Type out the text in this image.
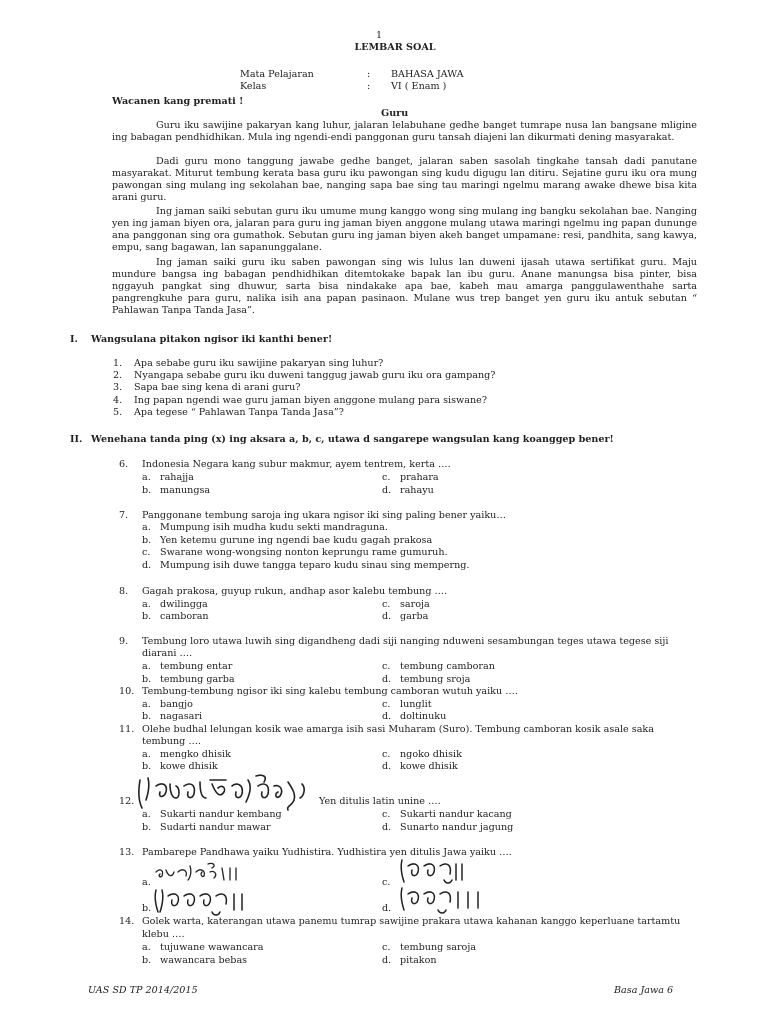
1
LEMBAR SOAL
Mata Pelajaran	: BAHASA JAWA
Kelas	: VI ( Enam )
Wacanen kang premati !
Guru
Guru iku sawijine pakaryan kang luhur, jalaran lelabuhane gedhe banget tumrape nusa lan bangsane mligine ing babagan pendhidhikan. Mula ing ngendi-endi panggonan guru tansah diajeni lan dikurmati dening masyarakat.
Dadi guru mono tanggung jawabe gedhe banget, jalaran saben sasolah tingkahe tansah dadi panutane masyarakat. Miturut tembung kerata basa guru iku pawongan sing kudu digugu lan ditiru. Sejatine guru iku ora mung pawongan sing mulang ing sekolahan bae, nanging sapa bae sing tau maringi ngelmu marang awake dhewe bisa kita arani guru.
Ing jaman saiki sebutan guru iku umume mung kanggo wong sing mulang ing bangku sekolahan bae. Nanging yen ing jaman biyen ora, jalaran para guru ing jaman biyen anggone mulang utawa maringi ngelmu ing papan dununge ana panggonan sing ora gumathok. Sebutan guru ing jaman biyen akeh banget umpamane: resi, pandhita, sang kawya, empu, sang bagawan, lan sapanunggalane.
Ing jaman saiki guru iku saben pawongan sing wis lulus lan duweni ijasah utawa sertifikat guru. Maju mundure bangsa ing babagan pendhidhikan ditemtokake bapak lan ibu guru. Anane manungsa bisa pinter, bisa nggayuh pangkat sing dhuwur, sarta bisa nindakake apa bae, kabeh mau amarga panggulawenthahe sarta pangrengkuhe para guru, nalika isih ana papan pasinaon. Mulane wus trep banget yen guru iku antuk sebutan “ Pahlawan Tanpa Tanda Jasa”.
I. Wangsulana pitakon ngisor iki kanthi bener!
1. Apa sebabe guru iku sawijine pakaryan sing luhur?
2. Nyangapa sebabe guru iku duweni tanggug jawab guru iku ora gampang?
3. Sapa bae sing kena di arani guru?
4. Ing papan ngendi wae guru jaman biyen anggone mulang para siswane?
5. Apa tegese “ Pahlawan Tanpa Tanda Jasa”?
II. Wenehana tanda ping (x) ing aksara a, b, c, utawa d sangarepe wangsulan kang koanggep bener!
6. Indonesia Negara kang subur makmur, ayem tentrem, kerta ….
a. rahajja	c. prahara
b. manungsa	d. rahayu
7. Panggonane tembung saroja ing ukara ngisor iki sing paling bener yaiku…
a. Mumpung isih mudha kudu sekti mandraguna.
b. Yen ketemu gurune ing ngendi bae kudu gagah prakosa
c. Swarane wong-wongsing nonton keprungu rame gumuruh.
d. Mumpung isih duwe tangga teparo kudu sinau sing memperng.
8. Gagah prakosa, guyup rukun, andhap asor kalebu tembung ….
a. dwilingga	c. saroja
b. camboran	d. garba
9. Tembung loro utawa luwih sing digandheng dadi siji nanging nduweni sesambungan teges utawa tegese siji
diarani ….
a. tembung entar	c. tembung camboran
b. tembung garba	d. tembung sroja
10. Tembung-tembung ngisor iki sing kalebu tembung camboran wutuh yaiku ….
a. bangjo	c. lunglit
b. nagasari	d. doltinuku
11. Olehe budhal lelungan kosik wae amarga isih sasi Muharam (Suro). Tembung camboran kosik asale saka
tembung ….
a. mengko dhisik	c. ngoko dhisik
b. kowe dhisik	d. kowe dhisik
12.	Yen ditulis latin unine ….
a. Sukarti nandur kembang	c. Sukarti nandur kacang
b. Sudarti nandur mawar	d. Sunarto nandur jagung
13. Pambarepe Pandhawa yaiku Yudhistira. Yudhistira yen ditulis Jawa yaiku ….
a.	c.
b.	d.
14. Golek warta, katerangan utawa panemu tumrap sawijine prakara utawa kahanan kanggo keperluane tartamtu
klebu ….
a. tujuwane wawancara	c. tembung saroja
b. wawancara bebas	d. pitakon
UAS SD TP 2014/2015	Basa Jawa 6
